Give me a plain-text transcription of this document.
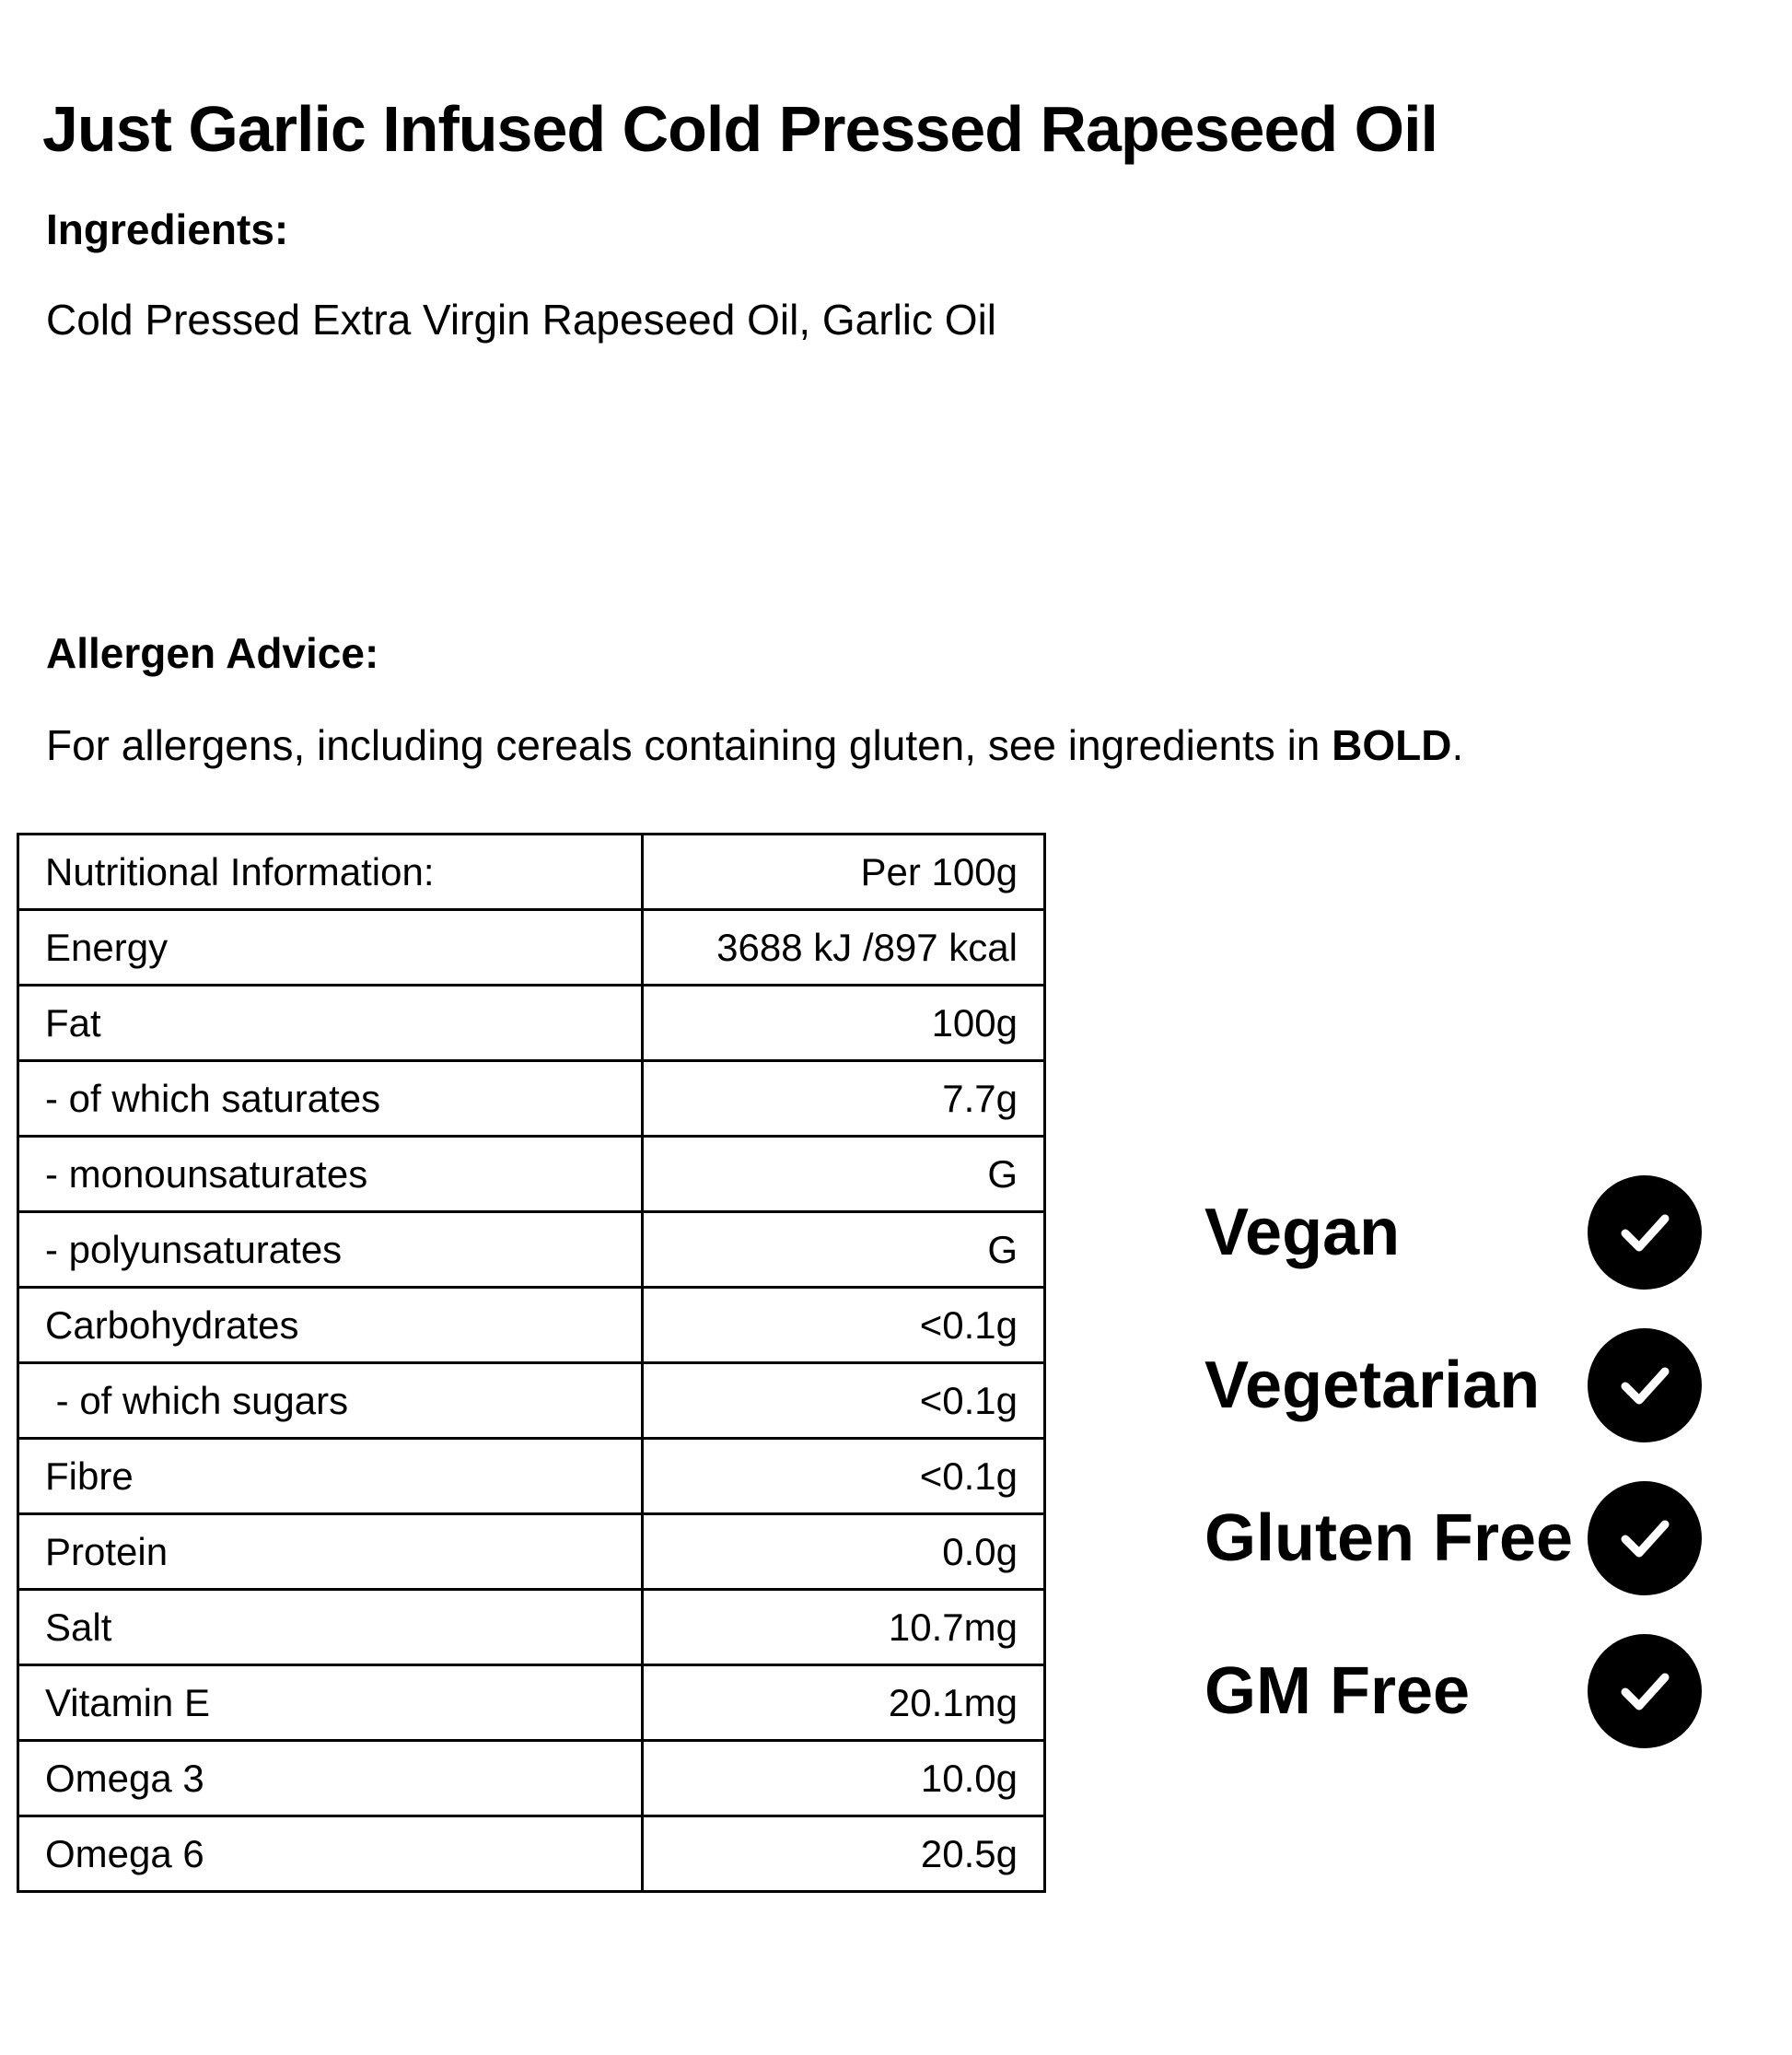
Just Garlic Infused Cold Pressed Rapeseed Oil
Ingredients:
Cold Pressed Extra Virgin Rapeseed Oil, Garlic Oil
Allergen Advice:
For allergens, including cereals containing gluten, see ingredients in BOLD.
Nutritional Information:	Per 100g
Energy	3688 kJ /897 kcal
Fat	100g
- of which saturates	7.7g
- monounsaturates	G
- polyunsaturates	G
Carbohydrates	<0.1g
- of which sugars	<0.1g
Fibre	<0.1g
Protein	0.0g
Salt	10.7mg
Vitamin E	20.1mg
Omega 3	10.0g
Omega 6	20.5g
Vegan
Vegetarian
Gluten Free
GM Free
